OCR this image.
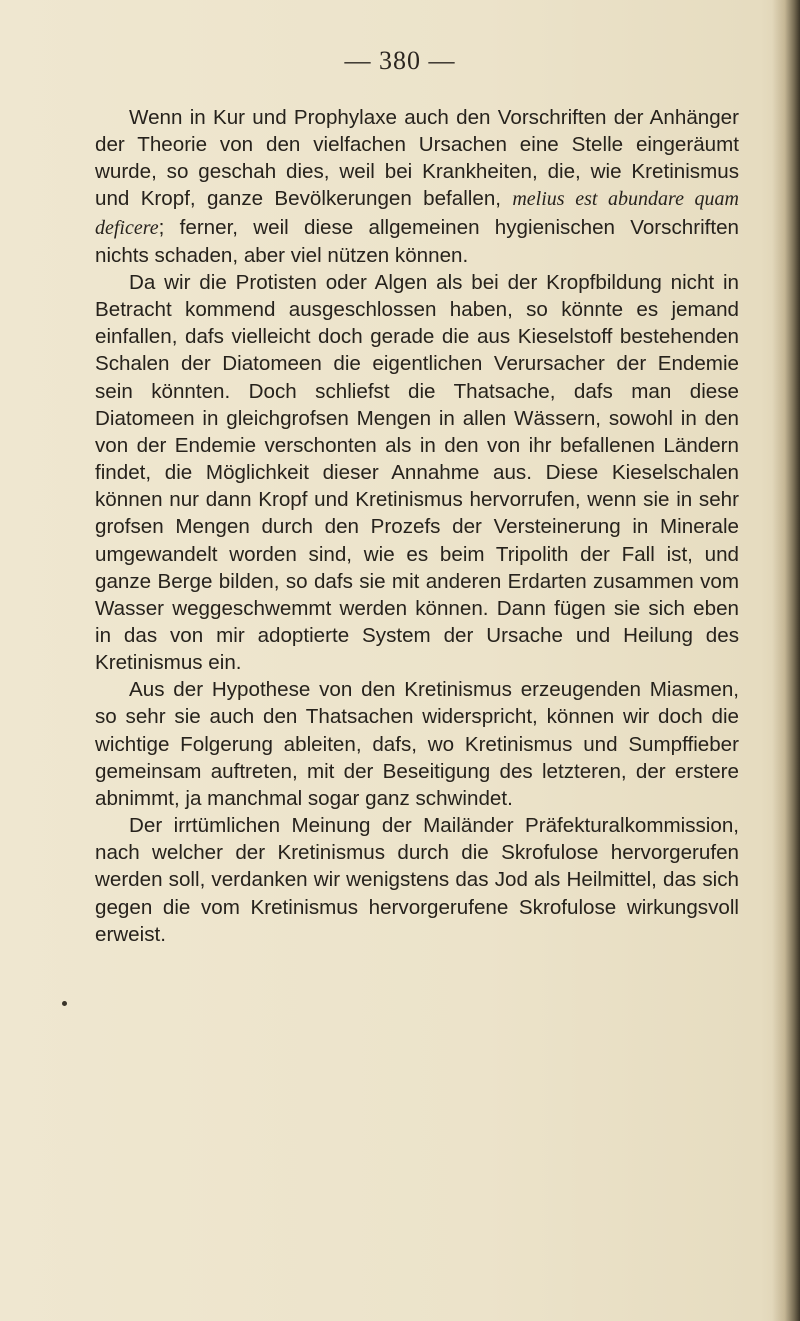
— 380 —

Wenn in Kur und Prophylaxe auch den Vorschriften der Anhänger der Theorie von den vielfachen Ursachen eine Stelle eingeräumt wurde, so geschah dies, weil bei Krankheiten, die, wie Kretinismus und Kropf, ganze Bevölkerungen befallen, melius est abundare quam deficere; ferner, weil diese allgemeinen hygienischen Vorschriften nichts schaden, aber viel nützen können.

Da wir die Protisten oder Algen als bei der Kropfbildung nicht in Betracht kommend ausgeschlossen haben, so könnte es jemand einfallen, dafs vielleicht doch gerade die aus Kieselstoff bestehenden Schalen der Diatomeen die eigentlichen Verursacher der Endemie sein könnten. Doch schliefst die Thatsache, dafs man diese Diatomeen in gleichgrofsen Mengen in allen Wässern, sowohl in den von der Endemie verschonten als in den von ihr befallenen Ländern findet, die Möglichkeit dieser Annahme aus. Diese Kieselschalen können nur dann Kropf und Kretinismus hervorrufen, wenn sie in sehr grofsen Mengen durch den Prozefs der Versteinerung in Minerale umgewandelt worden sind, wie es beim Tripolith der Fall ist, und ganze Berge bilden, so dafs sie mit anderen Erdarten zusammen vom Wasser weggeschwemmt werden können. Dann fügen sie sich eben in das von mir adoptierte System der Ursache und Heilung des Kretinismus ein.

Aus der Hypothese von den Kretinismus erzeugenden Miasmen, so sehr sie auch den Thatsachen widerspricht, können wir doch die wichtige Folgerung ableiten, dafs, wo Kretinismus und Sumpffieber gemeinsam auftreten, mit der Beseitigung des letzteren, der erstere abnimmt, ja manchmal sogar ganz schwindet.

Der irrtümlichen Meinung der Mailänder Präfekturalkommission, nach welcher der Kretinismus durch die Skrofulose hervorgerufen werden soll, verdanken wir wenigstens das Jod als Heilmittel, das sich gegen die vom Kretinismus hervorgerufene Skrofulose wirkungsvoll erweist.
